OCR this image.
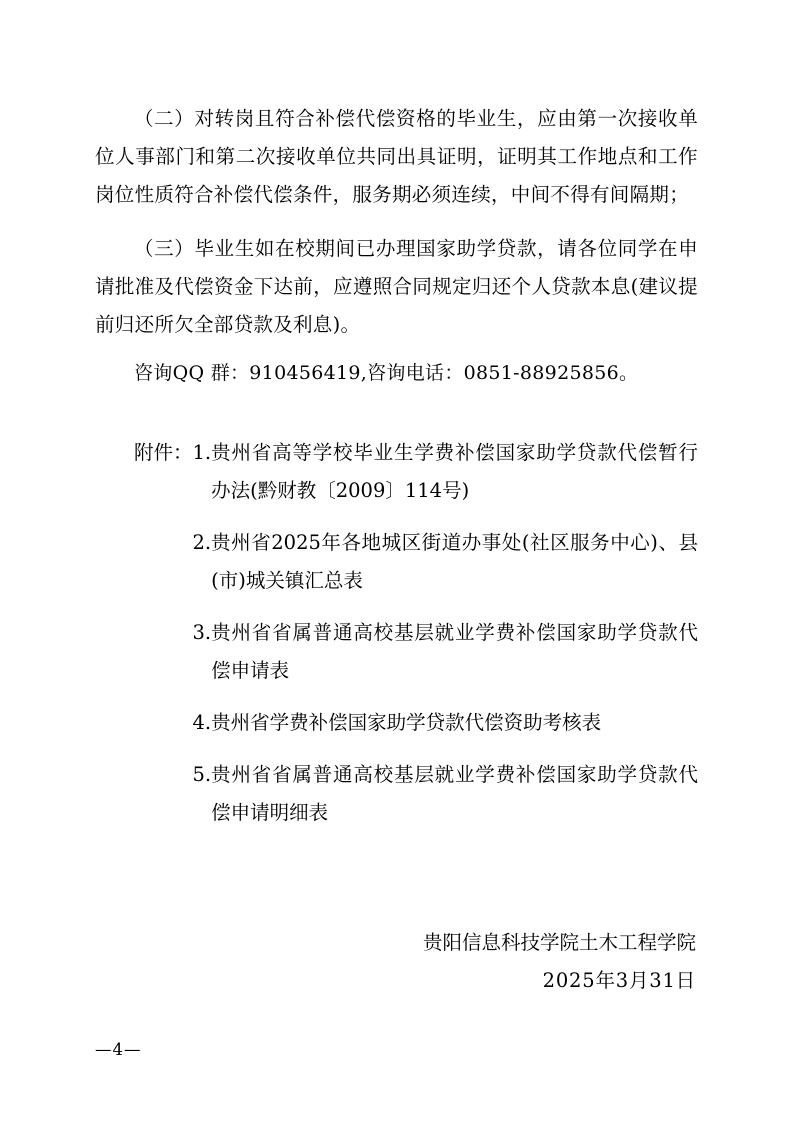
（二）对转岗且符合补偿代偿资格的毕业生，应由第一次接收单位人事部门和第二次接收单位共同出具证明，证明其工作地点和工作岗位性质符合补偿代偿条件，服务期必须连续，中间不得有间隔期；

（三）毕业生如在校期间已办理国家助学贷款，请各位同学在申请批准及代偿资金下达前，应遵照合同规定归还个人贷款本息(建议提前归还所欠全部贷款及利息)。

咨询QQ 群：910456419,咨询电话：0851-88925856。

附件： 1. 贵州省高等学校毕业生学费补偿国家助学贷款代偿暂行办法(黔财教〔2009〕114号)
2. 贵州省2025年各地城区街道办事处(社区服务中心)、县(市)城关镇汇总表
3. 贵州省省属普通高校基层就业学费补偿国家助学贷款代偿申请表
4. 贵州省学费补偿国家助学贷款代偿资助考核表
5. 贵州省省属普通高校基层就业学费补偿国家助学贷款代偿申请明细表
贵阳信息科技学院土木工程学院
2025年3月31日
—4—
